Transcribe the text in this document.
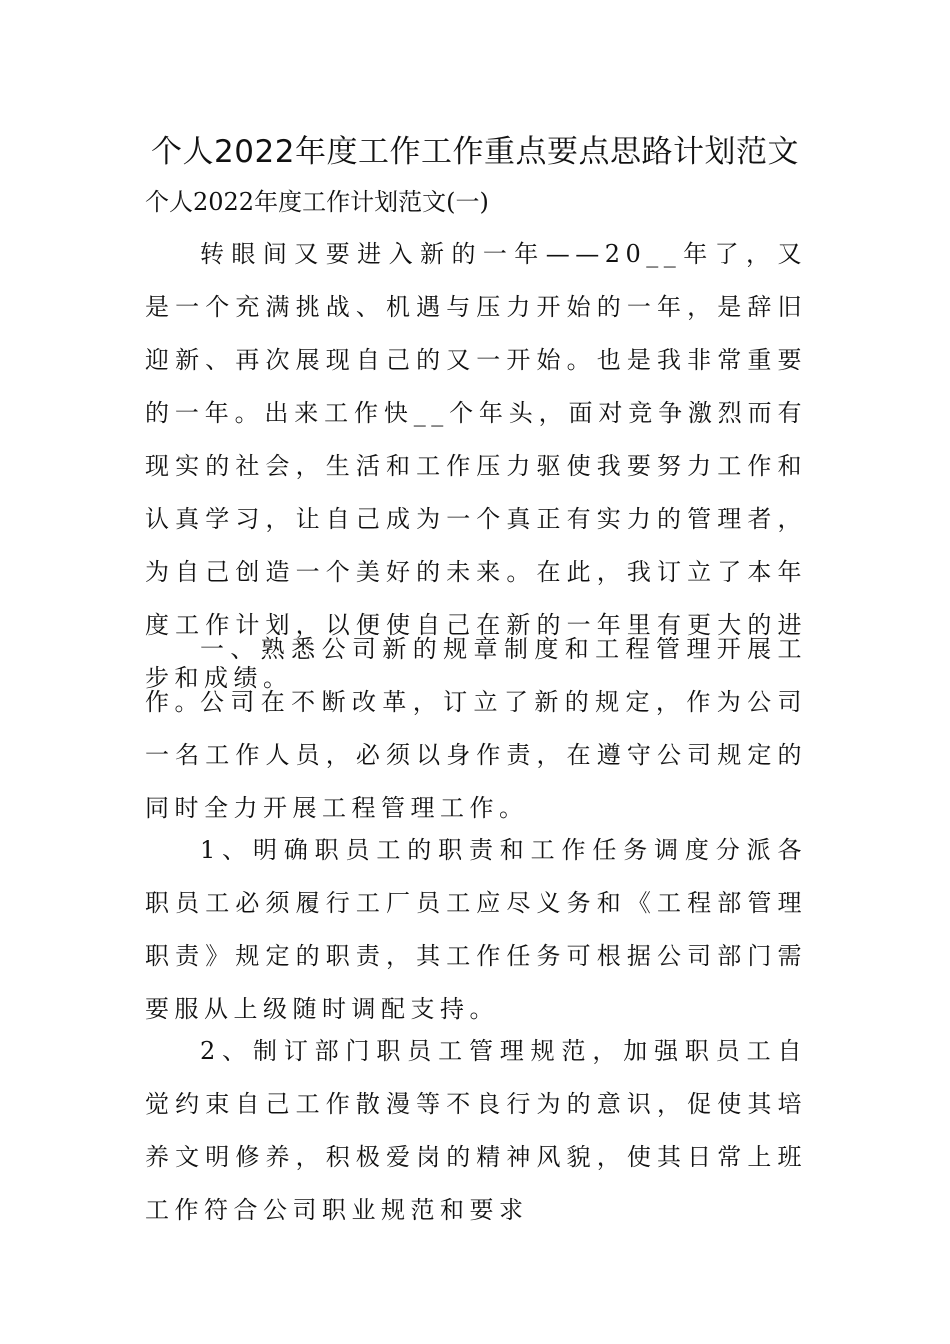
个人2022年度工作工作重点要点思路计划范文
个人2022年度工作计划范文(一)

转眼间又要进入新的一年——20__年了，又是一个充满挑战、机遇与压力开始的一年，是辞旧迎新、再次展现自己的又一开始。也是我非常重要的一年。出来工作快__个年头，面对竞争激烈而有现实的社会，生活和工作压力驱使我要努力工作和认真学习，让自己成为一个真正有实力的管理者，为自己创造一个美好的未来。在此，我订立了本年度工作计划，以便使自己在新的一年里有更大的进步和成绩。

一、熟悉公司新的规章制度和工程管理开展工作。

公司在不断改革，订立了新的规定，作为公司一名工作人员，必须以身作责，在遵守公司规定的同时全力开展工程管理工作。

1、明确职员工的职责和工作任务调度分派各职员工必须履行工厂员工应尽义务和《工程部管理职责》规定的职责，其工作任务可根据公司部门需要服从上级随时调配支持。

2、制订部门职员工管理规范，加强职员工自觉约束自己工作散漫等不良行为的意识，促使其培养文明修养，积极爱岗的精神风貌，使其日常上班工作符合公司职业规范和要求
